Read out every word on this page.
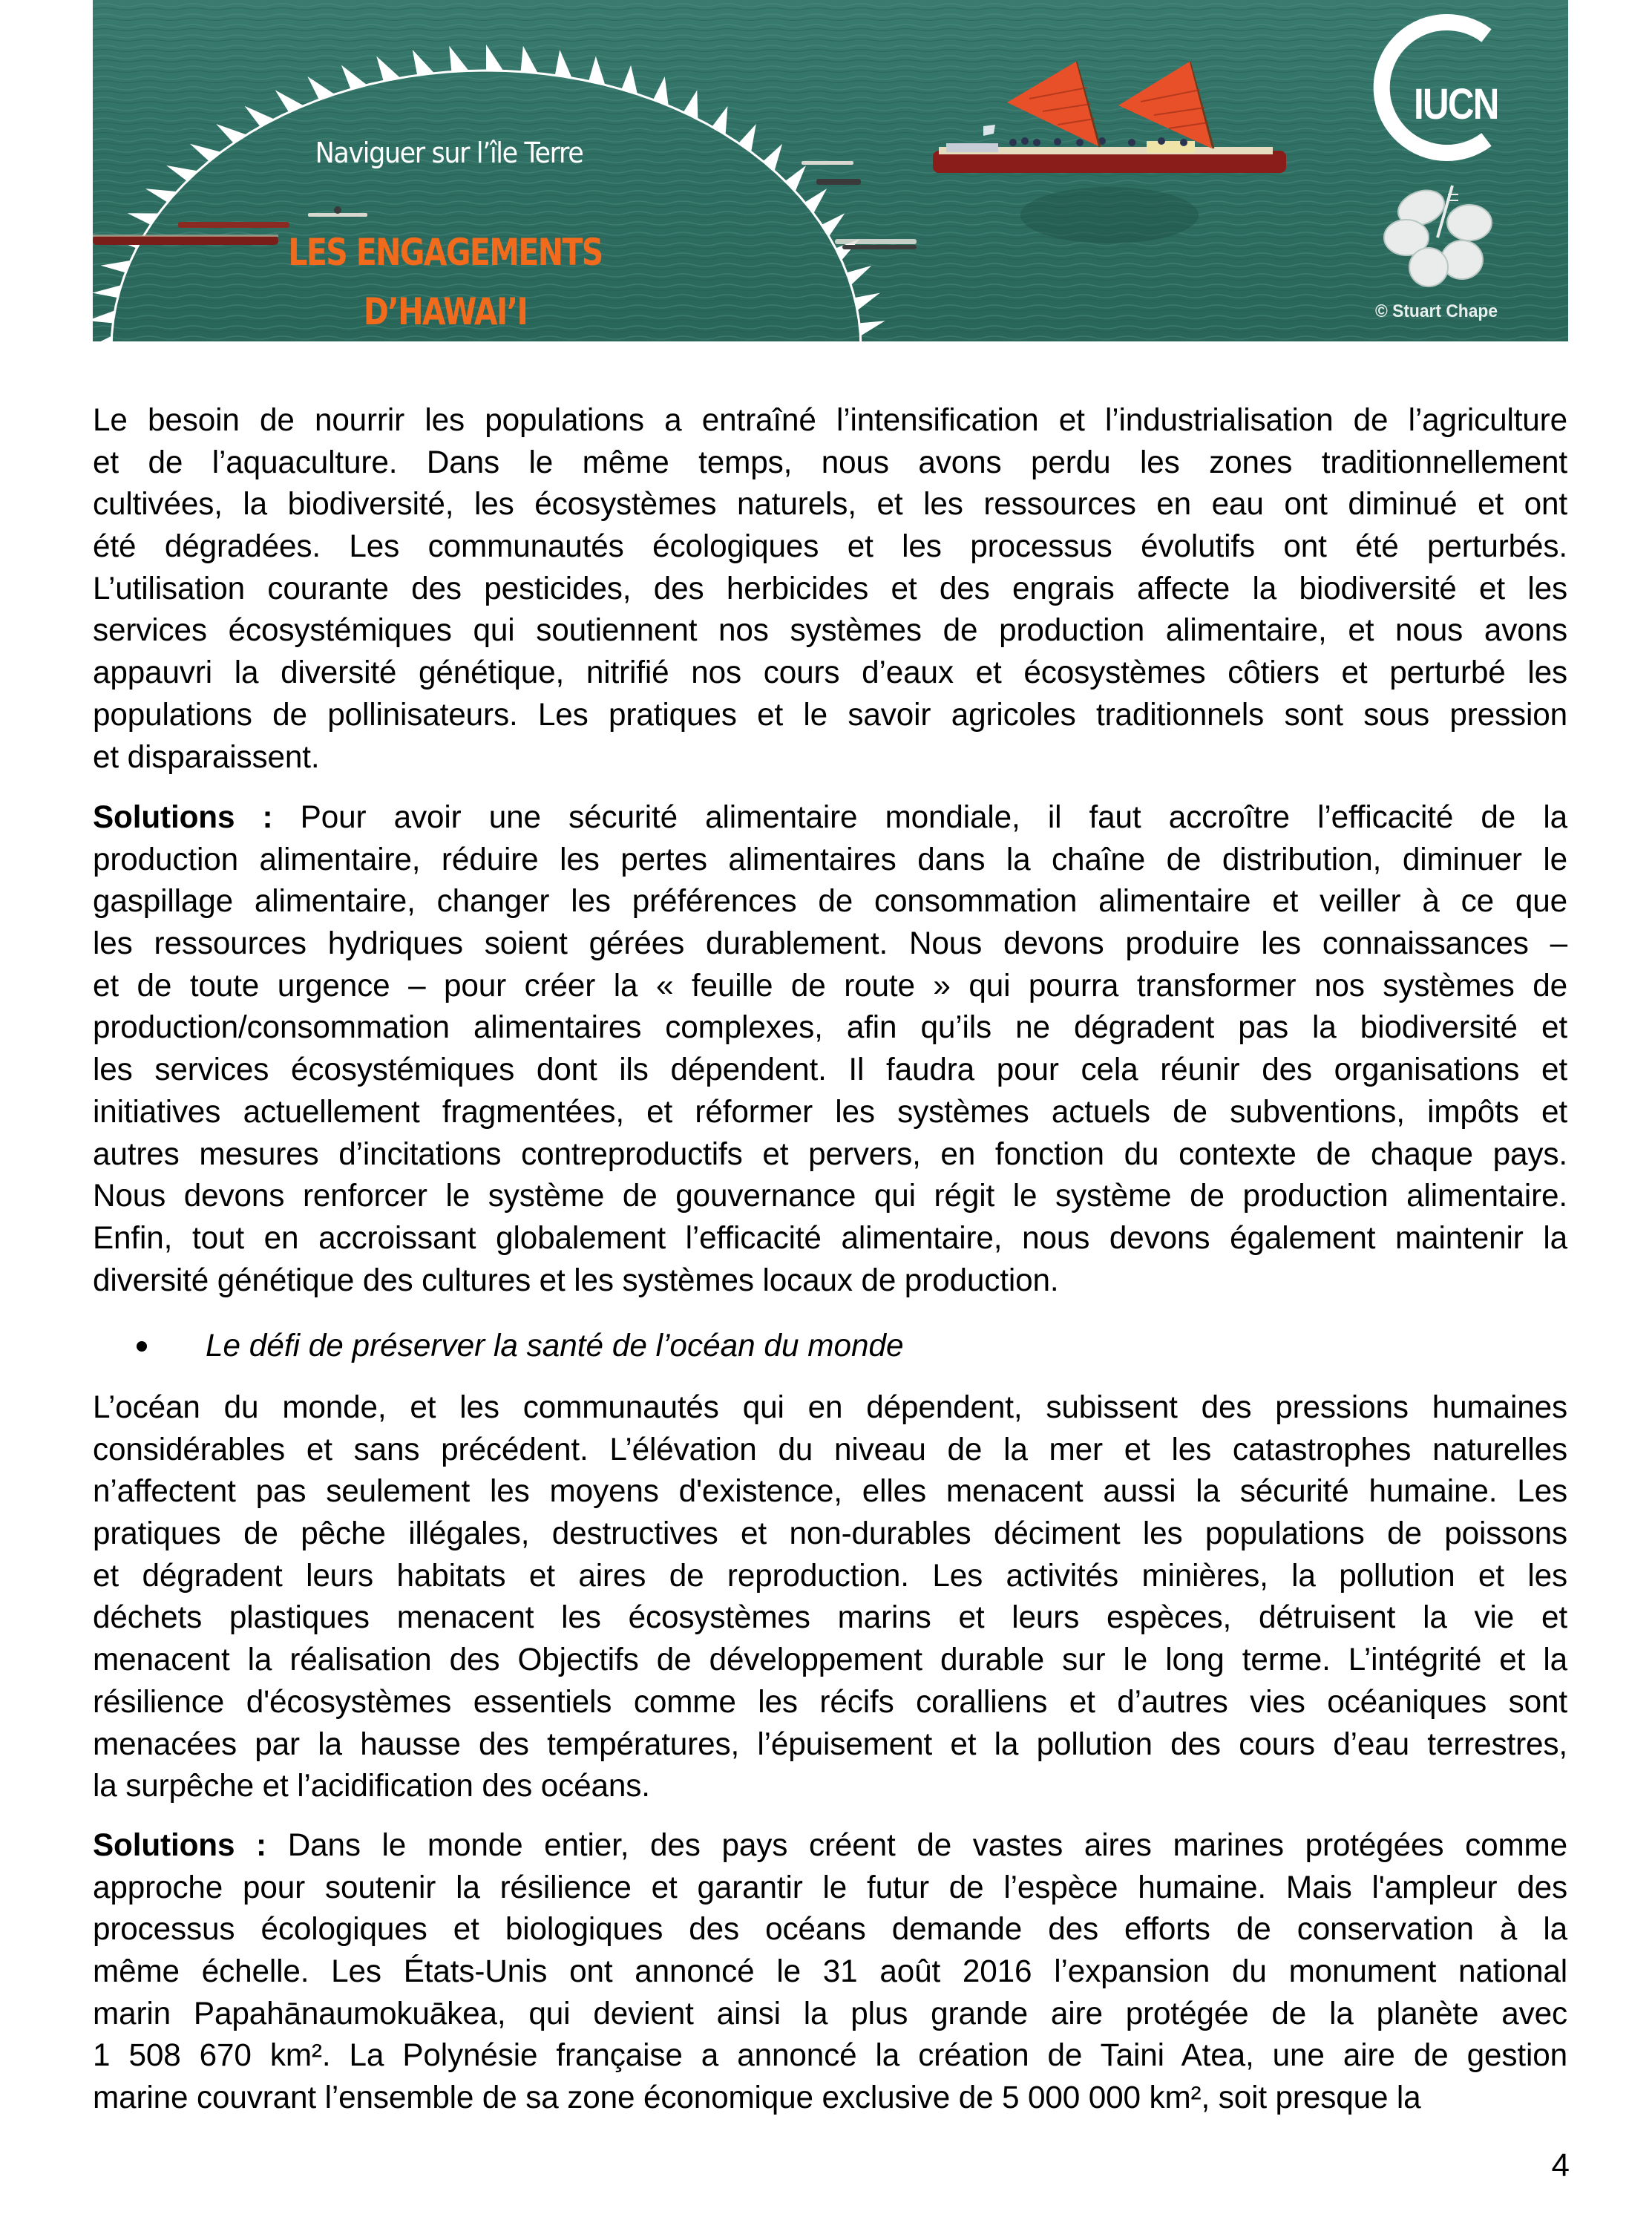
Naviguer sur l’île Terre
LES ENGAGEMENTS
D’HAWAI’I
IUCN
© Stuart Chape

Le besoin de nourrir les populations a entraîné l’intensification et l’industrialisation de l’agriculture
et de l’aquaculture. Dans le même temps, nous avons perdu les zones traditionnellement
cultivées, la biodiversité, les écosystèmes naturels, et les ressources en eau ont diminué et ont
été dégradées. Les communautés écologiques et les processus évolutifs ont été perturbés.
L’utilisation courante des pesticides, des herbicides et des engrais affecte la biodiversité et les
services écosystémiques qui soutiennent nos systèmes de production alimentaire, et nous avons
appauvri la diversité génétique, nitrifié nos cours d’eaux et écosystèmes côtiers et perturbé les
populations de pollinisateurs. Les pratiques et le savoir agricoles traditionnels sont sous pression
et disparaissent.

Solutions : Pour avoir une sécurité alimentaire mondiale, il faut accroître l’efficacité de la
production alimentaire, réduire les pertes alimentaires dans la chaîne de distribution, diminuer le
gaspillage alimentaire, changer les préférences de consommation alimentaire et veiller à ce que
les ressources hydriques soient gérées durablement. Nous devons produire les connaissances –
et de toute urgence – pour créer la « feuille de route » qui pourra transformer nos systèmes de
production/consommation alimentaires complexes, afin qu’ils ne dégradent pas la biodiversité et
les services écosystémiques dont ils dépendent. Il faudra pour cela réunir des organisations et
initiatives actuellement fragmentées, et réformer les systèmes actuels de subventions, impôts et
autres mesures d’incitations contreproductifs et pervers, en fonction du contexte de chaque pays.
Nous devons renforcer le système de gouvernance qui régit le système de production alimentaire.
Enfin, tout en accroissant globalement l’efficacité alimentaire, nous devons également maintenir la
diversité génétique des cultures et les systèmes locaux de production.

Le défi de préserver la santé de l’océan du monde

L’océan du monde, et les communautés qui en dépendent, subissent des pressions humaines
considérables et sans précédent. L’élévation du niveau de la mer et les catastrophes naturelles
n’affectent pas seulement les moyens d'existence, elles menacent aussi la sécurité humaine. Les
pratiques de pêche illégales, destructives et non-durables déciment les populations de poissons
et dégradent leurs habitats et aires de reproduction. Les activités minières, la pollution et les
déchets plastiques menacent les écosystèmes marins et leurs espèces, détruisent la vie et
menacent la réalisation des Objectifs de développement durable sur le long terme. L’intégrité et la
résilience d'écosystèmes essentiels comme les récifs coralliens et d’autres vies océaniques sont
menacées par la hausse des températures, l’épuisement et la pollution des cours d’eau terrestres,
la surpêche et l’acidification des océans.

Solutions : Dans le monde entier, des pays créent de vastes aires marines protégées comme
approche pour soutenir la résilience et garantir le futur de l’espèce humaine. Mais l'ampleur des
processus écologiques et biologiques des océans demande des efforts de conservation à la
même échelle. Les États-Unis ont annoncé le 31 août 2016 l’expansion du monument national
marin Papahānaumokuākea, qui devient ainsi la plus grande aire protégée de la planète avec
1 508 670 km². La Polynésie française a annoncé la création de Taini Atea, une aire de gestion
marine couvrant l’ensemble de sa zone économique exclusive de 5 000 000 km², soit presque la

4
